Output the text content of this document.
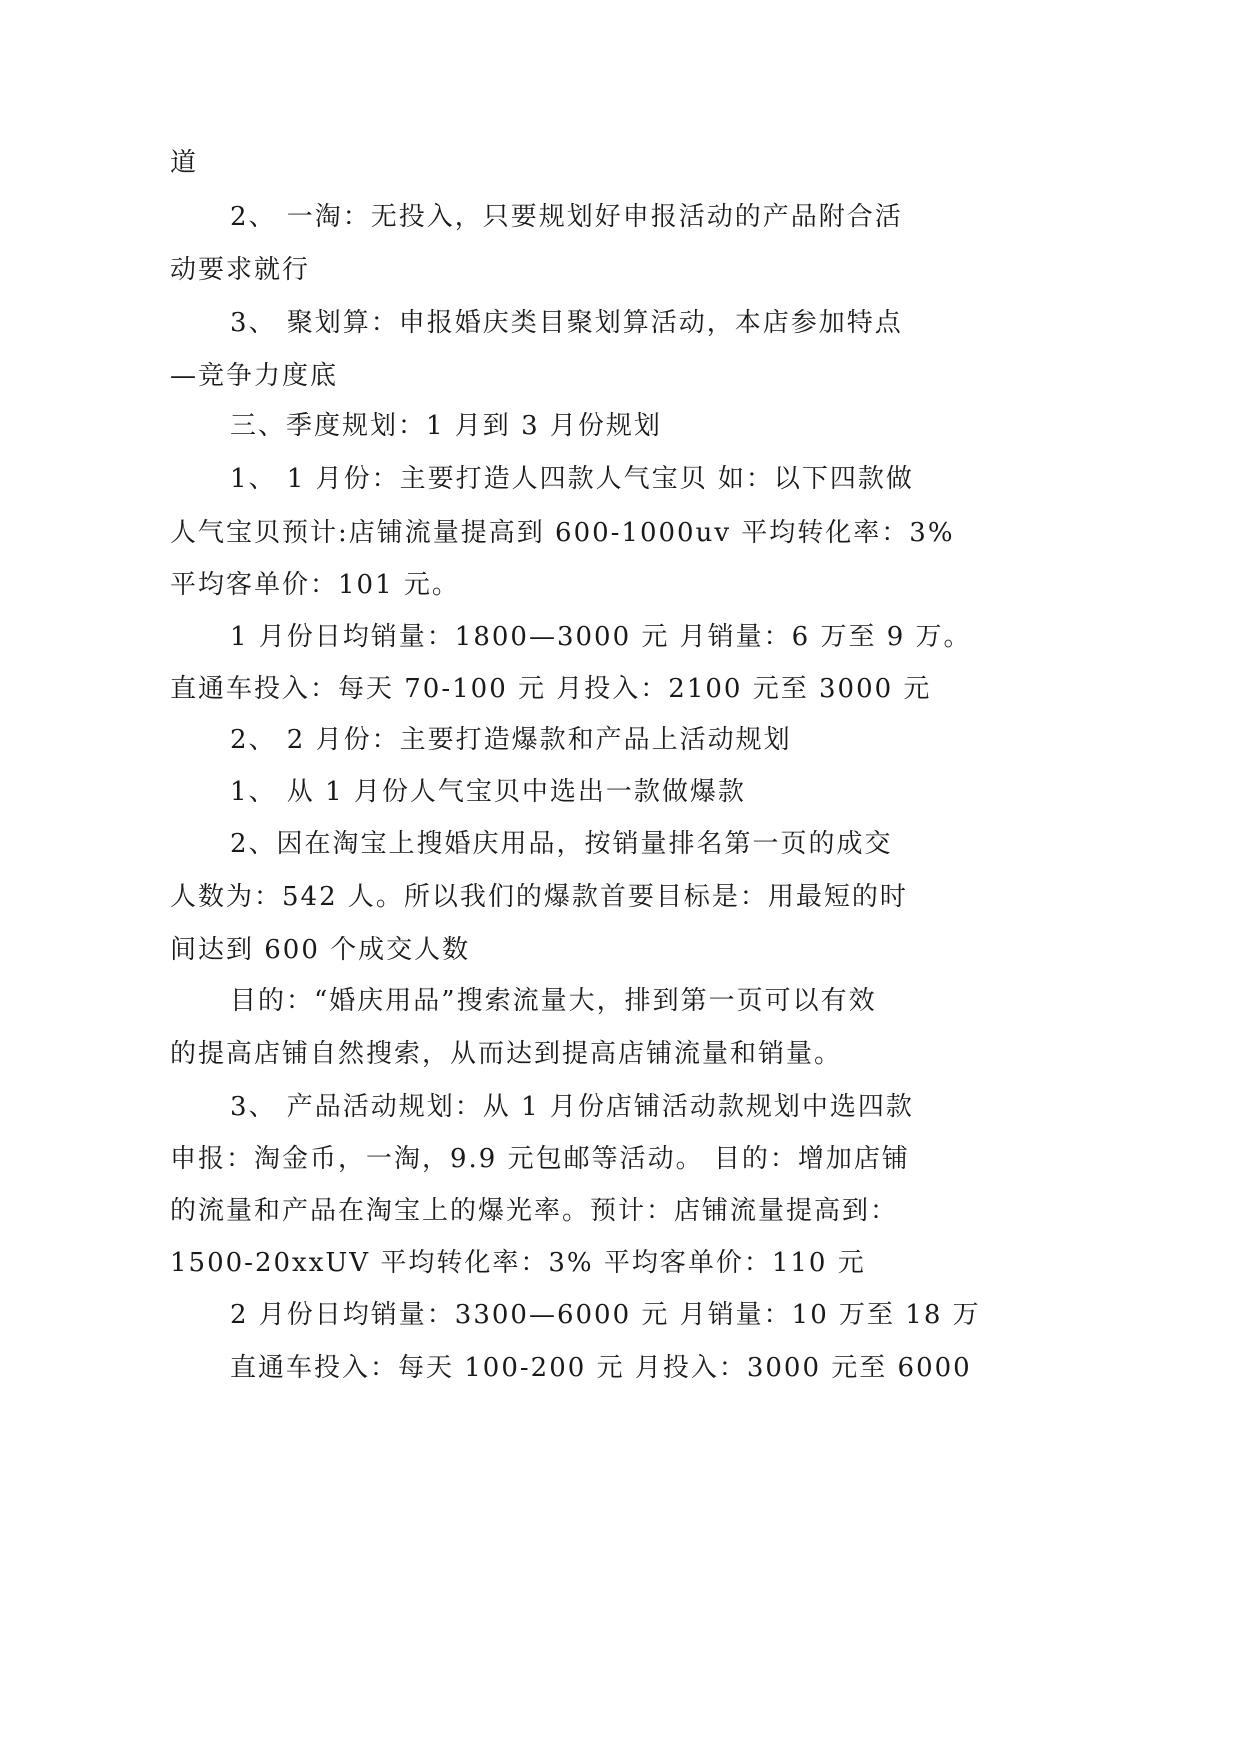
道
2、 一淘：无投入，只要规划好申报活动的产品附合活
动要求就行
3、 聚划算：申报婚庆类目聚划算活动，本店参加特点
—竞争力度底
三、季度规划：1 月到 3 月份规划
1、 1 月份：主要打造人四款人气宝贝 如：以下四款做
人气宝贝预计:店铺流量提高到 600-1000uv 平均转化率：3%
平均客单价：101 元。
1 月份日均销量：1800—3000 元 月销量：6 万至 9 万。
直通车投入：每天 70-100 元 月投入：2100 元至 3000 元
2、 2 月份：主要打造爆款和产品上活动规划
1、 从 1 月份人气宝贝中选出一款做爆款
2、因在淘宝上搜婚庆用品，按销量排名第一页的成交
人数为：542 人。所以我们的爆款首要目标是：用最短的时
间达到 600 个成交人数
目的：“婚庆用品”搜索流量大，排到第一页可以有效
的提高店铺自然搜索，从而达到提高店铺流量和销量。
3、 产品活动规划：从 1 月份店铺活动款规划中选四款
申报：淘金币，一淘，9.9 元包邮等活动。 目的：增加店铺
的流量和产品在淘宝上的爆光率。预计：店铺流量提高到：
1500-20xxUV 平均转化率：3% 平均客单价：110 元
2 月份日均销量：3300—6000 元 月销量：10 万至 18 万
直通车投入：每天 100-200 元 月投入：3000 元至 6000
